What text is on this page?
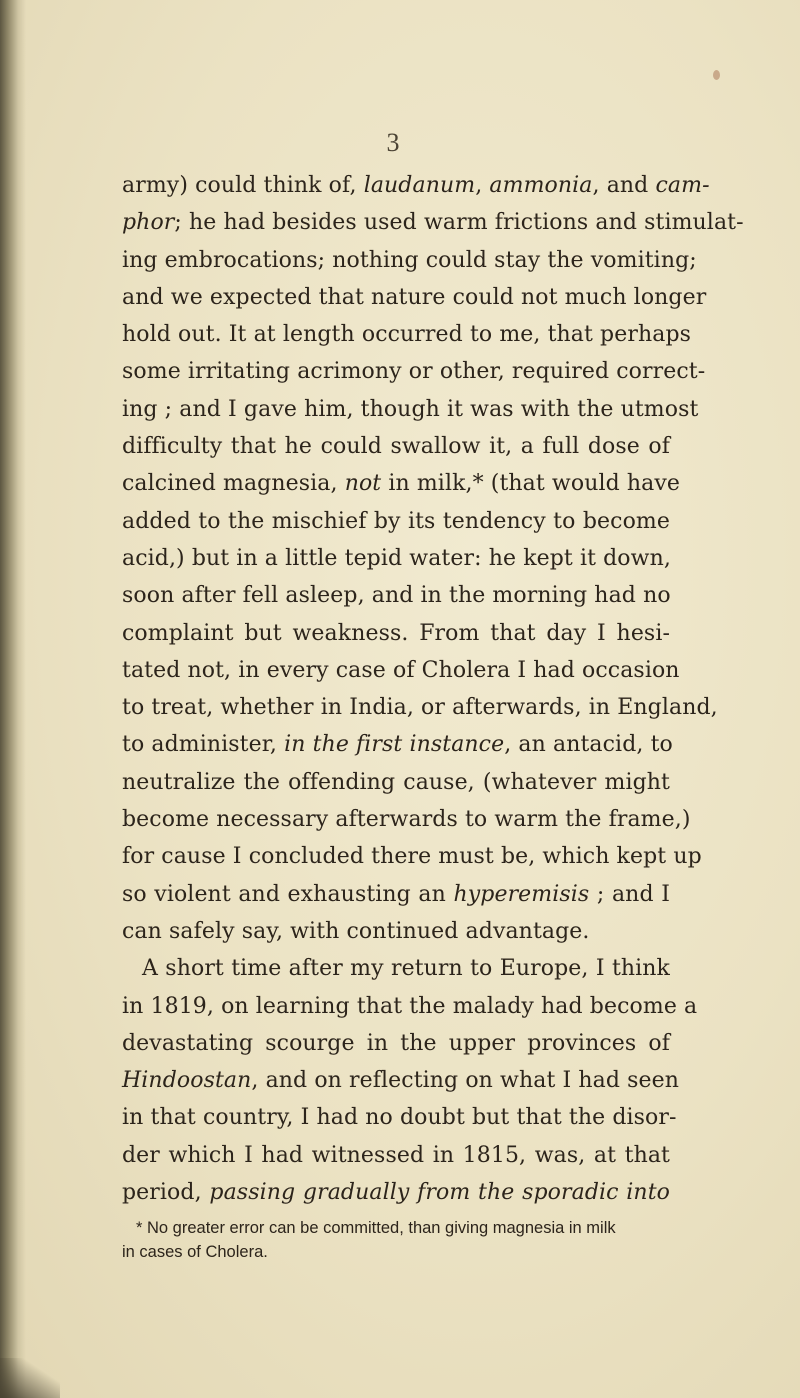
3

army) could think of, laudanum, ammonia, and cam-
phor; he had besides used warm frictions and stimulat-
ing embrocations; nothing could stay the vomiting;
and we expected that nature could not much longer
hold out. It at length occurred to me, that perhaps
some irritating acrimony or other, required correct-
ing ; and I gave him, though it was with the utmost
difficulty that he could swallow it, a full dose of
calcined magnesia, not in milk,* (that would have
added to the mischief by its tendency to become
acid,) but in a little tepid water: he kept it down,
soon after fell asleep, and in the morning had no
complaint but weakness. From that day I hesi-
tated not, in every case of Cholera I had occasion
to treat, whether in India, or afterwards, in England,
to administer, in the first instance, an antacid, to
neutralize the offending cause, (whatever might
become necessary afterwards to warm the frame,)
for cause I concluded there must be, which kept up
so violent and exhausting an hyperemisis ; and I
can safely say, with continued advantage.
A short time after my return to Europe, I think
in 1819, on learning that the malady had become a
devastating scourge in the upper provinces of
Hindoostan, and on reflecting on what I had seen
in that country, I had no doubt but that the disor-
der which I had witnessed in 1815, was, at that
period, passing gradually from the sporadic into
* No greater error can be committed, than giving magnesia in milk
in cases of Cholera.
